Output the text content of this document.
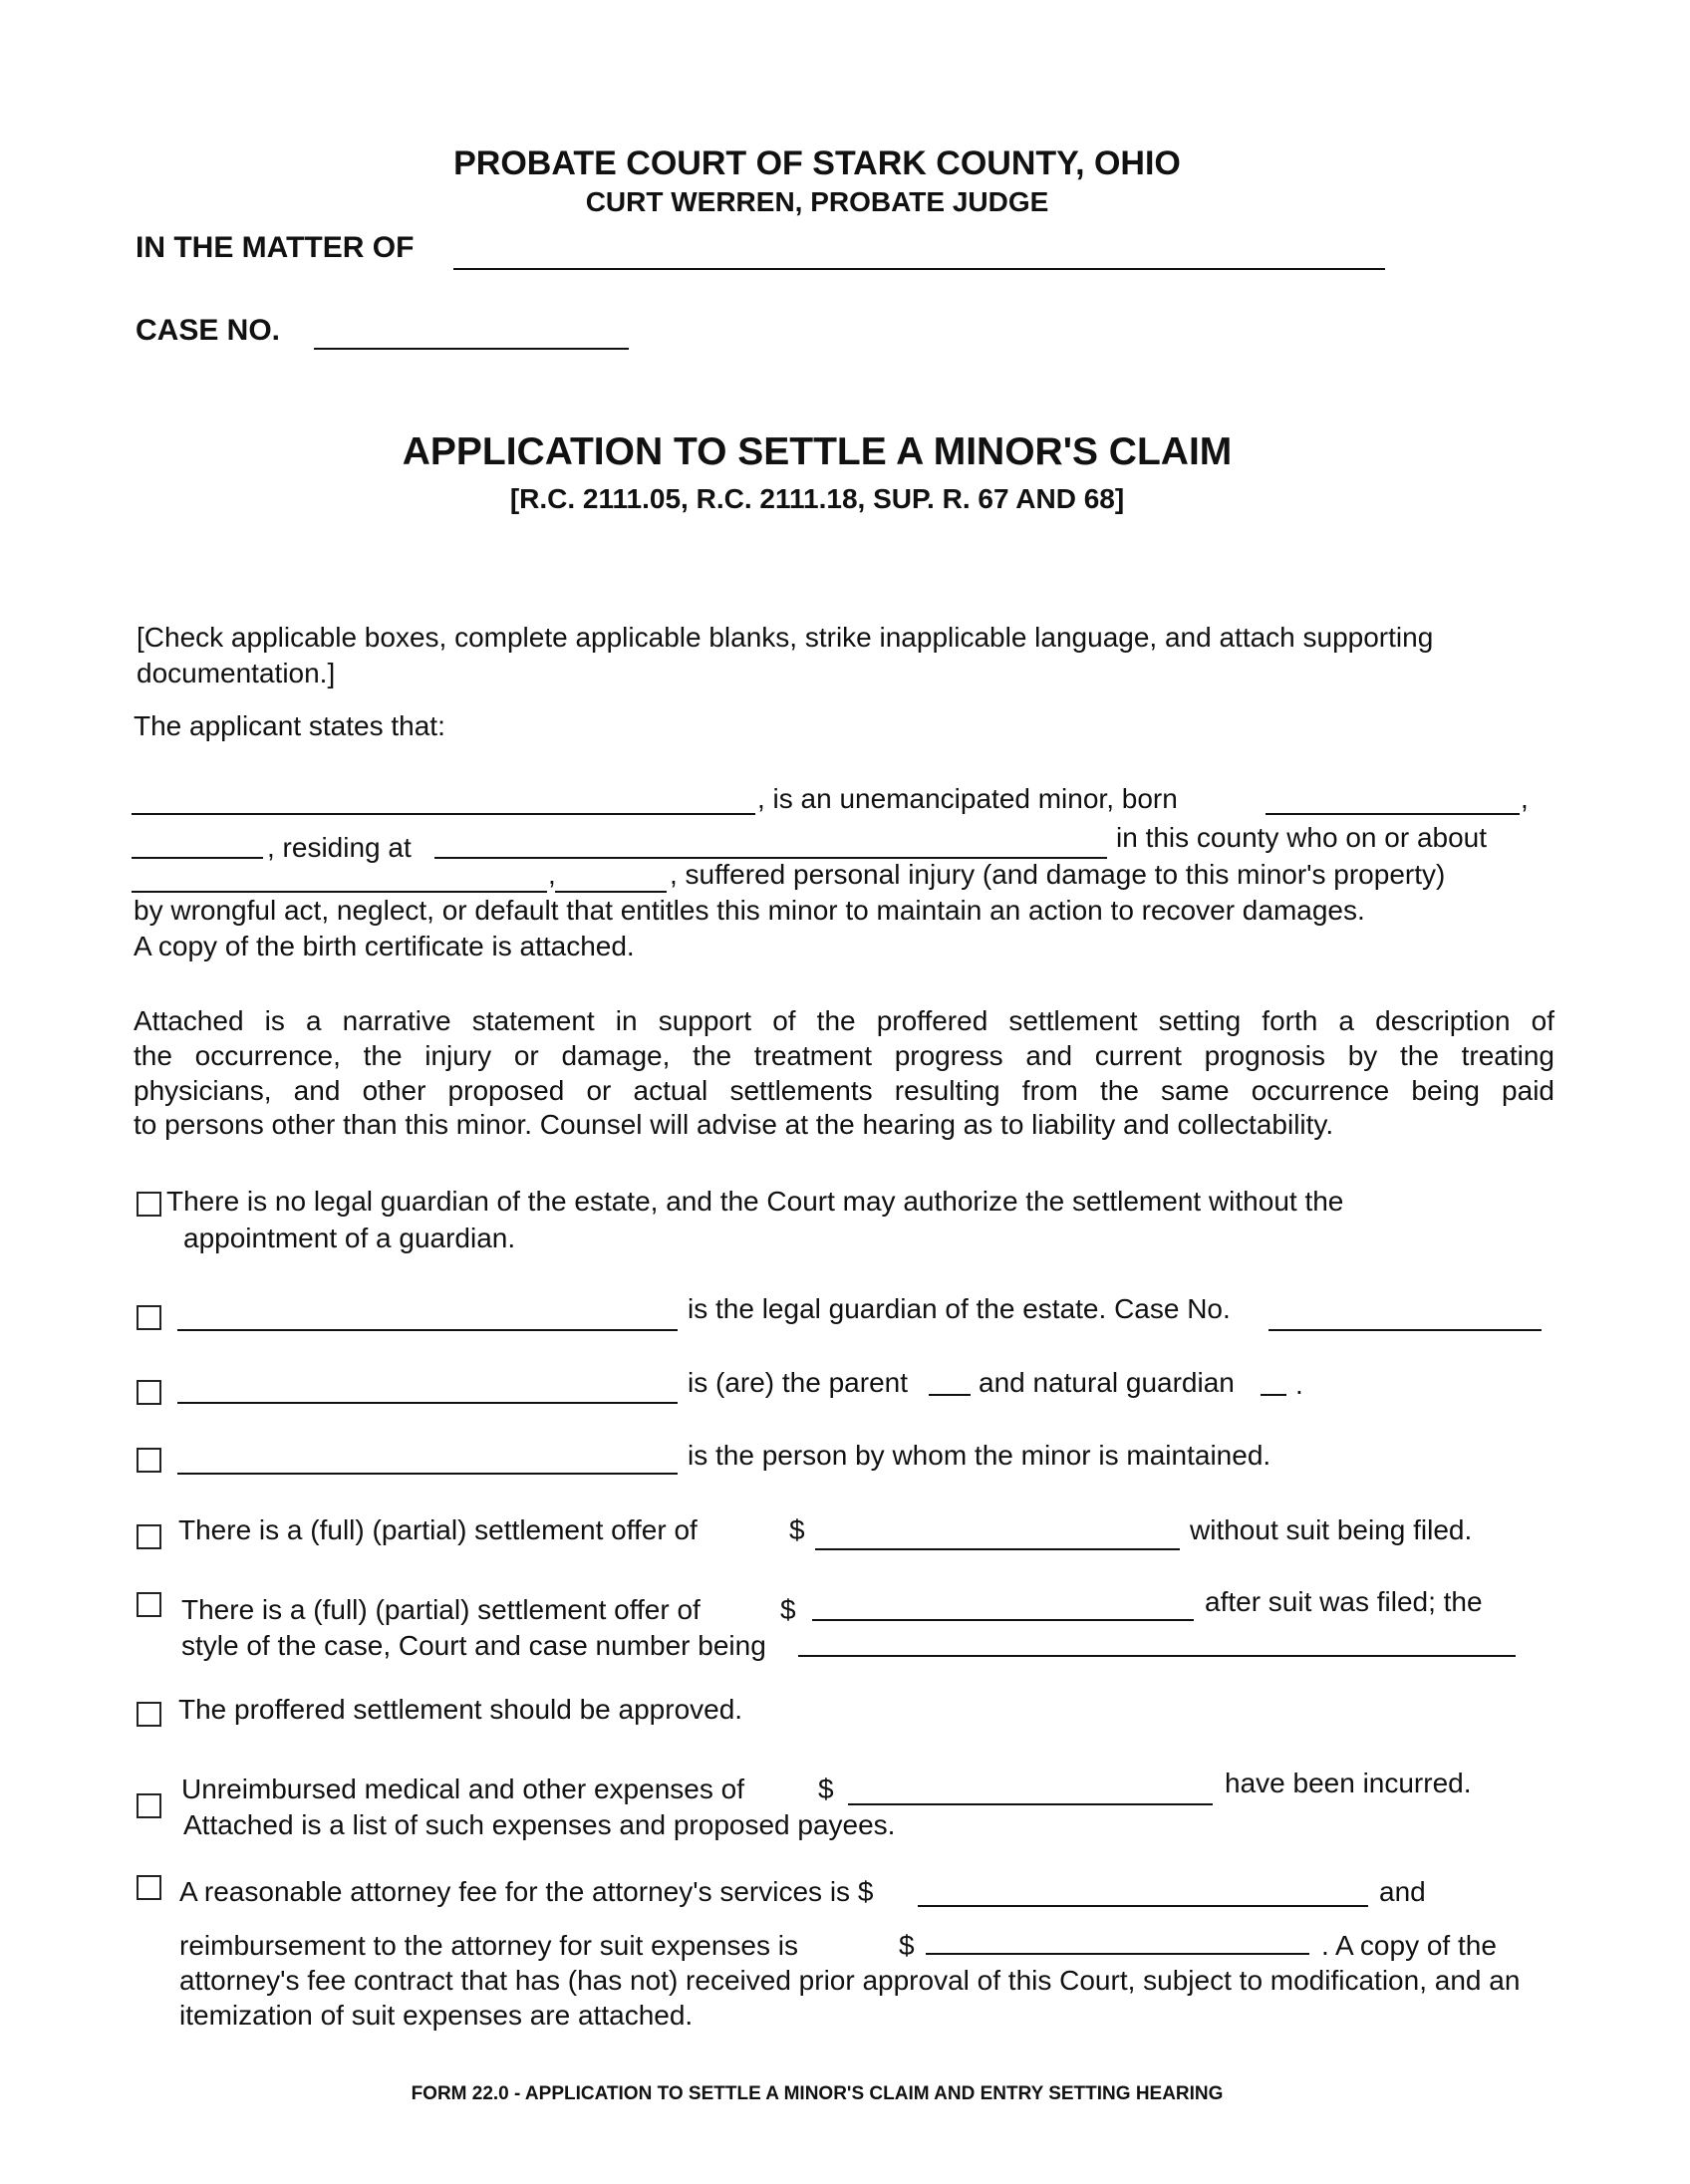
PROBATE COURT OF STARK COUNTY, OHIO
CURT WERREN, PROBATE JUDGE
IN THE MATTER OF
CASE NO.
APPLICATION TO SETTLE A MINOR'S CLAIM
[R.C. 2111.05, R.C. 2111.18, SUP. R. 67 AND 68]
[Check applicable boxes, complete applicable blanks, strike inapplicable language, and attach supporting
documentation.]
The applicant states that:
, is an unemancipated minor, born	,
, residing at	in this county who on or about
,	, suffered personal injury (and damage to this minor's property)
by wrongful act, neglect, or default that entitles this minor to maintain an action to recover damages.
A copy of the birth certificate is attached.
Attached is a narrative statement in support of the proffered settlement setting forth a description of
the occurrence, the injury or damage, the treatment progress and current prognosis by the treating
physicians, and other proposed or actual settlements resulting from the same occurrence being paid
to persons other than this minor. Counsel will advise at the hearing as to liability and collectability.
There is no legal guardian of the estate, and the Court may authorize the settlement without the
appointment of a guardian.
is the legal guardian of the estate. Case No.
is (are) the parent	and natural guardian .
is the person by whom the minor is maintained.
There is a (full) (partial) settlement offer of	$	without suit being filed.
There is a (full) (partial) settlement offer of	$	after suit was filed; the
style of the case, Court and case number being
The proffered settlement should be approved.
Unreimbursed medical and other expenses of	$	have been incurred.
Attached is a list of such expenses and proposed payees.
A reasonable attorney fee for the attorney's services is $	and
reimbursement to the attorney for suit expenses is	$	. A copy of the
attorney's fee contract that has (has not) received prior approval of this Court, subject to modification, and an
itemization of suit expenses are attached.
FORM 22.0 - APPLICATION TO SETTLE A MINOR'S CLAIM AND ENTRY SETTING HEARING
